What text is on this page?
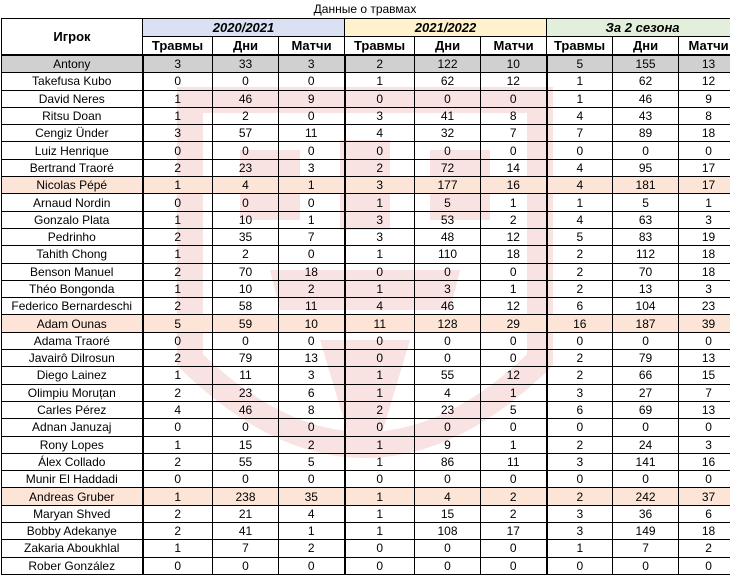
Данные о травмах
Игрок	2020/2021			2021/2022			За 2 сезона		
	Травмы	Дни	Матчи	Травмы	Дни	Матчи	Травмы	Дни	Матчи
Antony	3	33	3	2	122	10	5	155	13
Takefusa Kubo	0	0	0	1	62	12	1	62	12
David Neres	1	46	9	0	0	0	1	46	9
Ritsu Doan	1	2	0	3	41	8	4	43	8
Cengiz Ünder	3	57	11	4	32	7	7	89	18
Luiz Henrique	0	0	0	0	0	0	0	0	0
Bertrand Traoré	2	23	3	2	72	14	4	95	17
Nicolas Pépé	1	4	1	3	177	16	4	181	17
Arnaud Nordin	0	0	0	1	5	1	1	5	1
Gonzalo Plata	1	10	1	3	53	2	4	63	3
Pedrinho	2	35	7	3	48	12	5	83	19
Tahith Chong	1	2	0	1	110	18	2	112	18
Benson Manuel	2	70	18	0	0	0	2	70	18
Théo Bongonda	1	10	2	1	3	1	2	13	3
Federico Bernardeschi	2	58	11	4	46	12	6	104	23
Adam Ounas	5	59	10	11	128	29	16	187	39
Adama Traoré	0	0	0	0	0	0	0	0	0
Javairô Dilrosun	2	79	13	0	0	0	2	79	13
Diego Lainez	1	11	3	1	55	12	2	66	15
Olimpiu Moruțan	2	23	6	1	4	1	3	27	7
Carles Pérez	4	46	8	2	23	5	6	69	13
Adnan Januzaj	0	0	0	0	0	0	0	0	0
Rony Lopes	1	15	2	1	9	1	2	24	3
Álex Collado	2	55	5	1	86	11	3	141	16
Munir El Haddadi	0	0	0	0	0	0	0	0	0
Andreas Gruber	1	238	35	1	4	2	2	242	37
Maryan Shved	2	21	4	1	15	2	3	36	6
Bobby Adekanye	2	41	1	1	108	17	3	149	18
Zakaria Aboukhlal	1	7	2	0	0	0	1	7	2
Rober González	0	0	0	0	0	0	0	0	0
